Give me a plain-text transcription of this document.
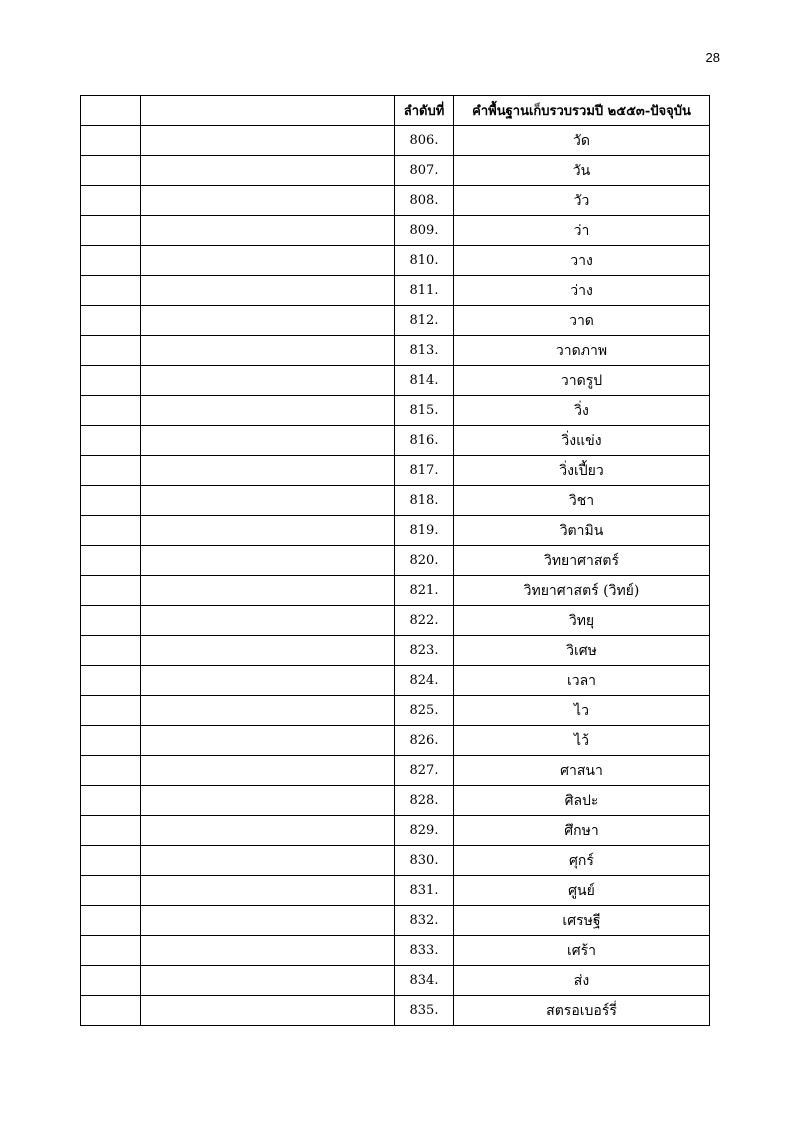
28
		ลำดับที่	คำพื้นฐานเก็บรวบรวมปี ๒๕๕๓-ปัจจุบัน
		806.	วัด
		807.	วัน
		808.	วัว
		809.	ว่า
		810.	วาง
		811.	ว่าง
		812.	วาด
		813.	วาดภาพ
		814.	วาดรูป
		815.	วิ่ง
		816.	วิ่งแข่ง
		817.	วิ่งเปี้ยว
		818.	วิชา
		819.	วิตามิน
		820.	วิทยาศาสตร์
		821.	วิทยาศาสตร์ (วิทย์)
		822.	วิทยุ
		823.	วิเศษ
		824.	เวลา
		825.	ไว
		826.	ไว้
		827.	ศาสนา
		828.	ศิลปะ
		829.	ศึกษา
		830.	ศุกร์
		831.	ศูนย์
		832.	เศรษฐี
		833.	เศร้า
		834.	ส่ง
		835.	สตรอเบอร์รี่
